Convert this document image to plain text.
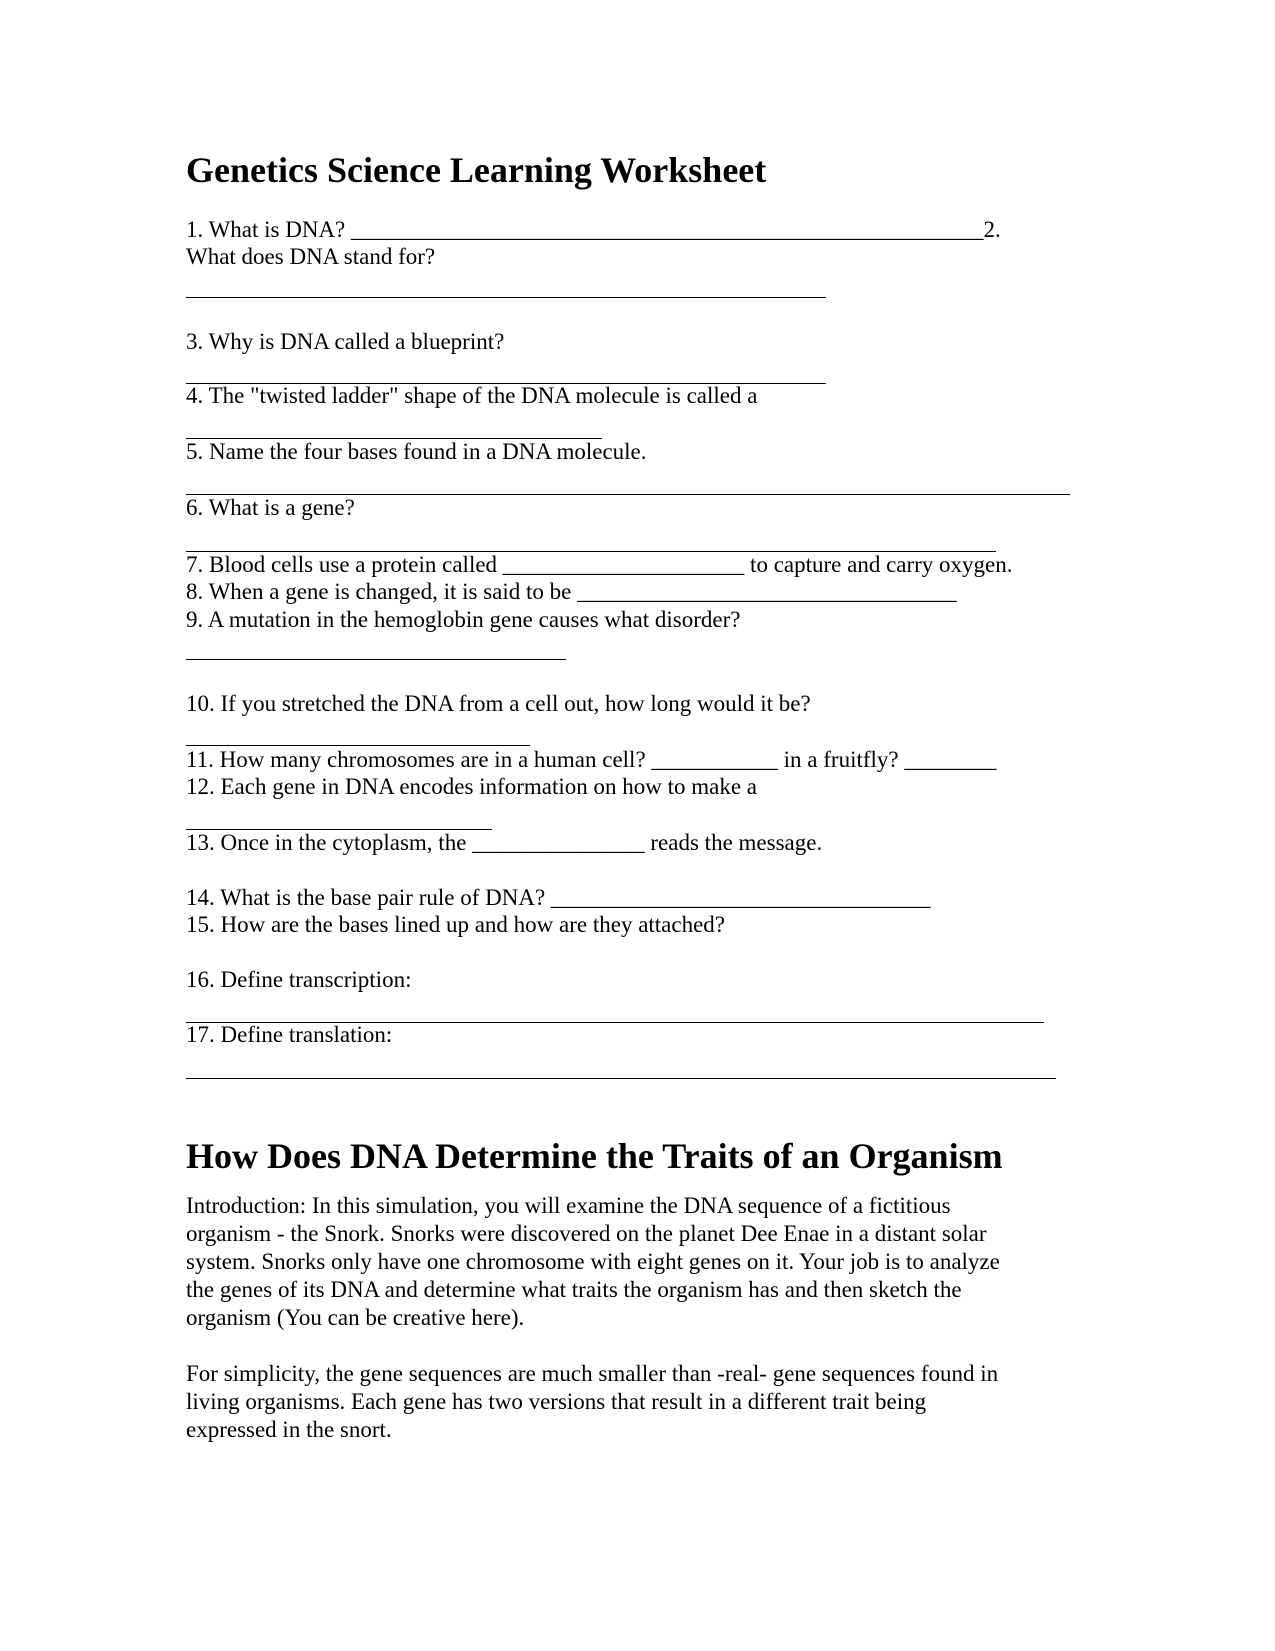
Genetics Science Learning Worksheet
1. What is DNA? _______________________________________________________2.
What does DNA stand for?
3. Why is DNA called a blueprint?
4. The "twisted ladder" shape of the DNA molecule is called a
5. Name the four bases found in a DNA molecule.
6. What is a gene?
7. Blood cells use a protein called _____________________ to capture and carry oxygen.
8. When a gene is changed, it is said to be _________________________________
9. A mutation in the hemoglobin gene causes what disorder?
10. If you stretched the DNA from a cell out, how long would it be?
11. How many chromosomes are in a human cell? ___________ in a fruitfly? ________
12. Each gene in DNA encodes information on how to make a
13. Once in the cytoplasm, the _______________ reads the message.
14. What is the base pair rule of DNA? _________________________________
15. How are the bases lined up and how are they attached?
16. Define transcription:
17. Define translation:
How Does DNA Determine the Traits of an Organism
Introduction: In this simulation, you will examine the DNA sequence of a fictitious
organism - the Snork. Snorks were discovered on the planet Dee Enae in a distant solar
system. Snorks only have one chromosome with eight genes on it. Your job is to analyze
the genes of its DNA and determine what traits the organism has and then sketch the
organism (You can be creative here).
For simplicity, the gene sequences are much smaller than -real- gene sequences found in
living organisms. Each gene has two versions that result in a different trait being
expressed in the snort.
